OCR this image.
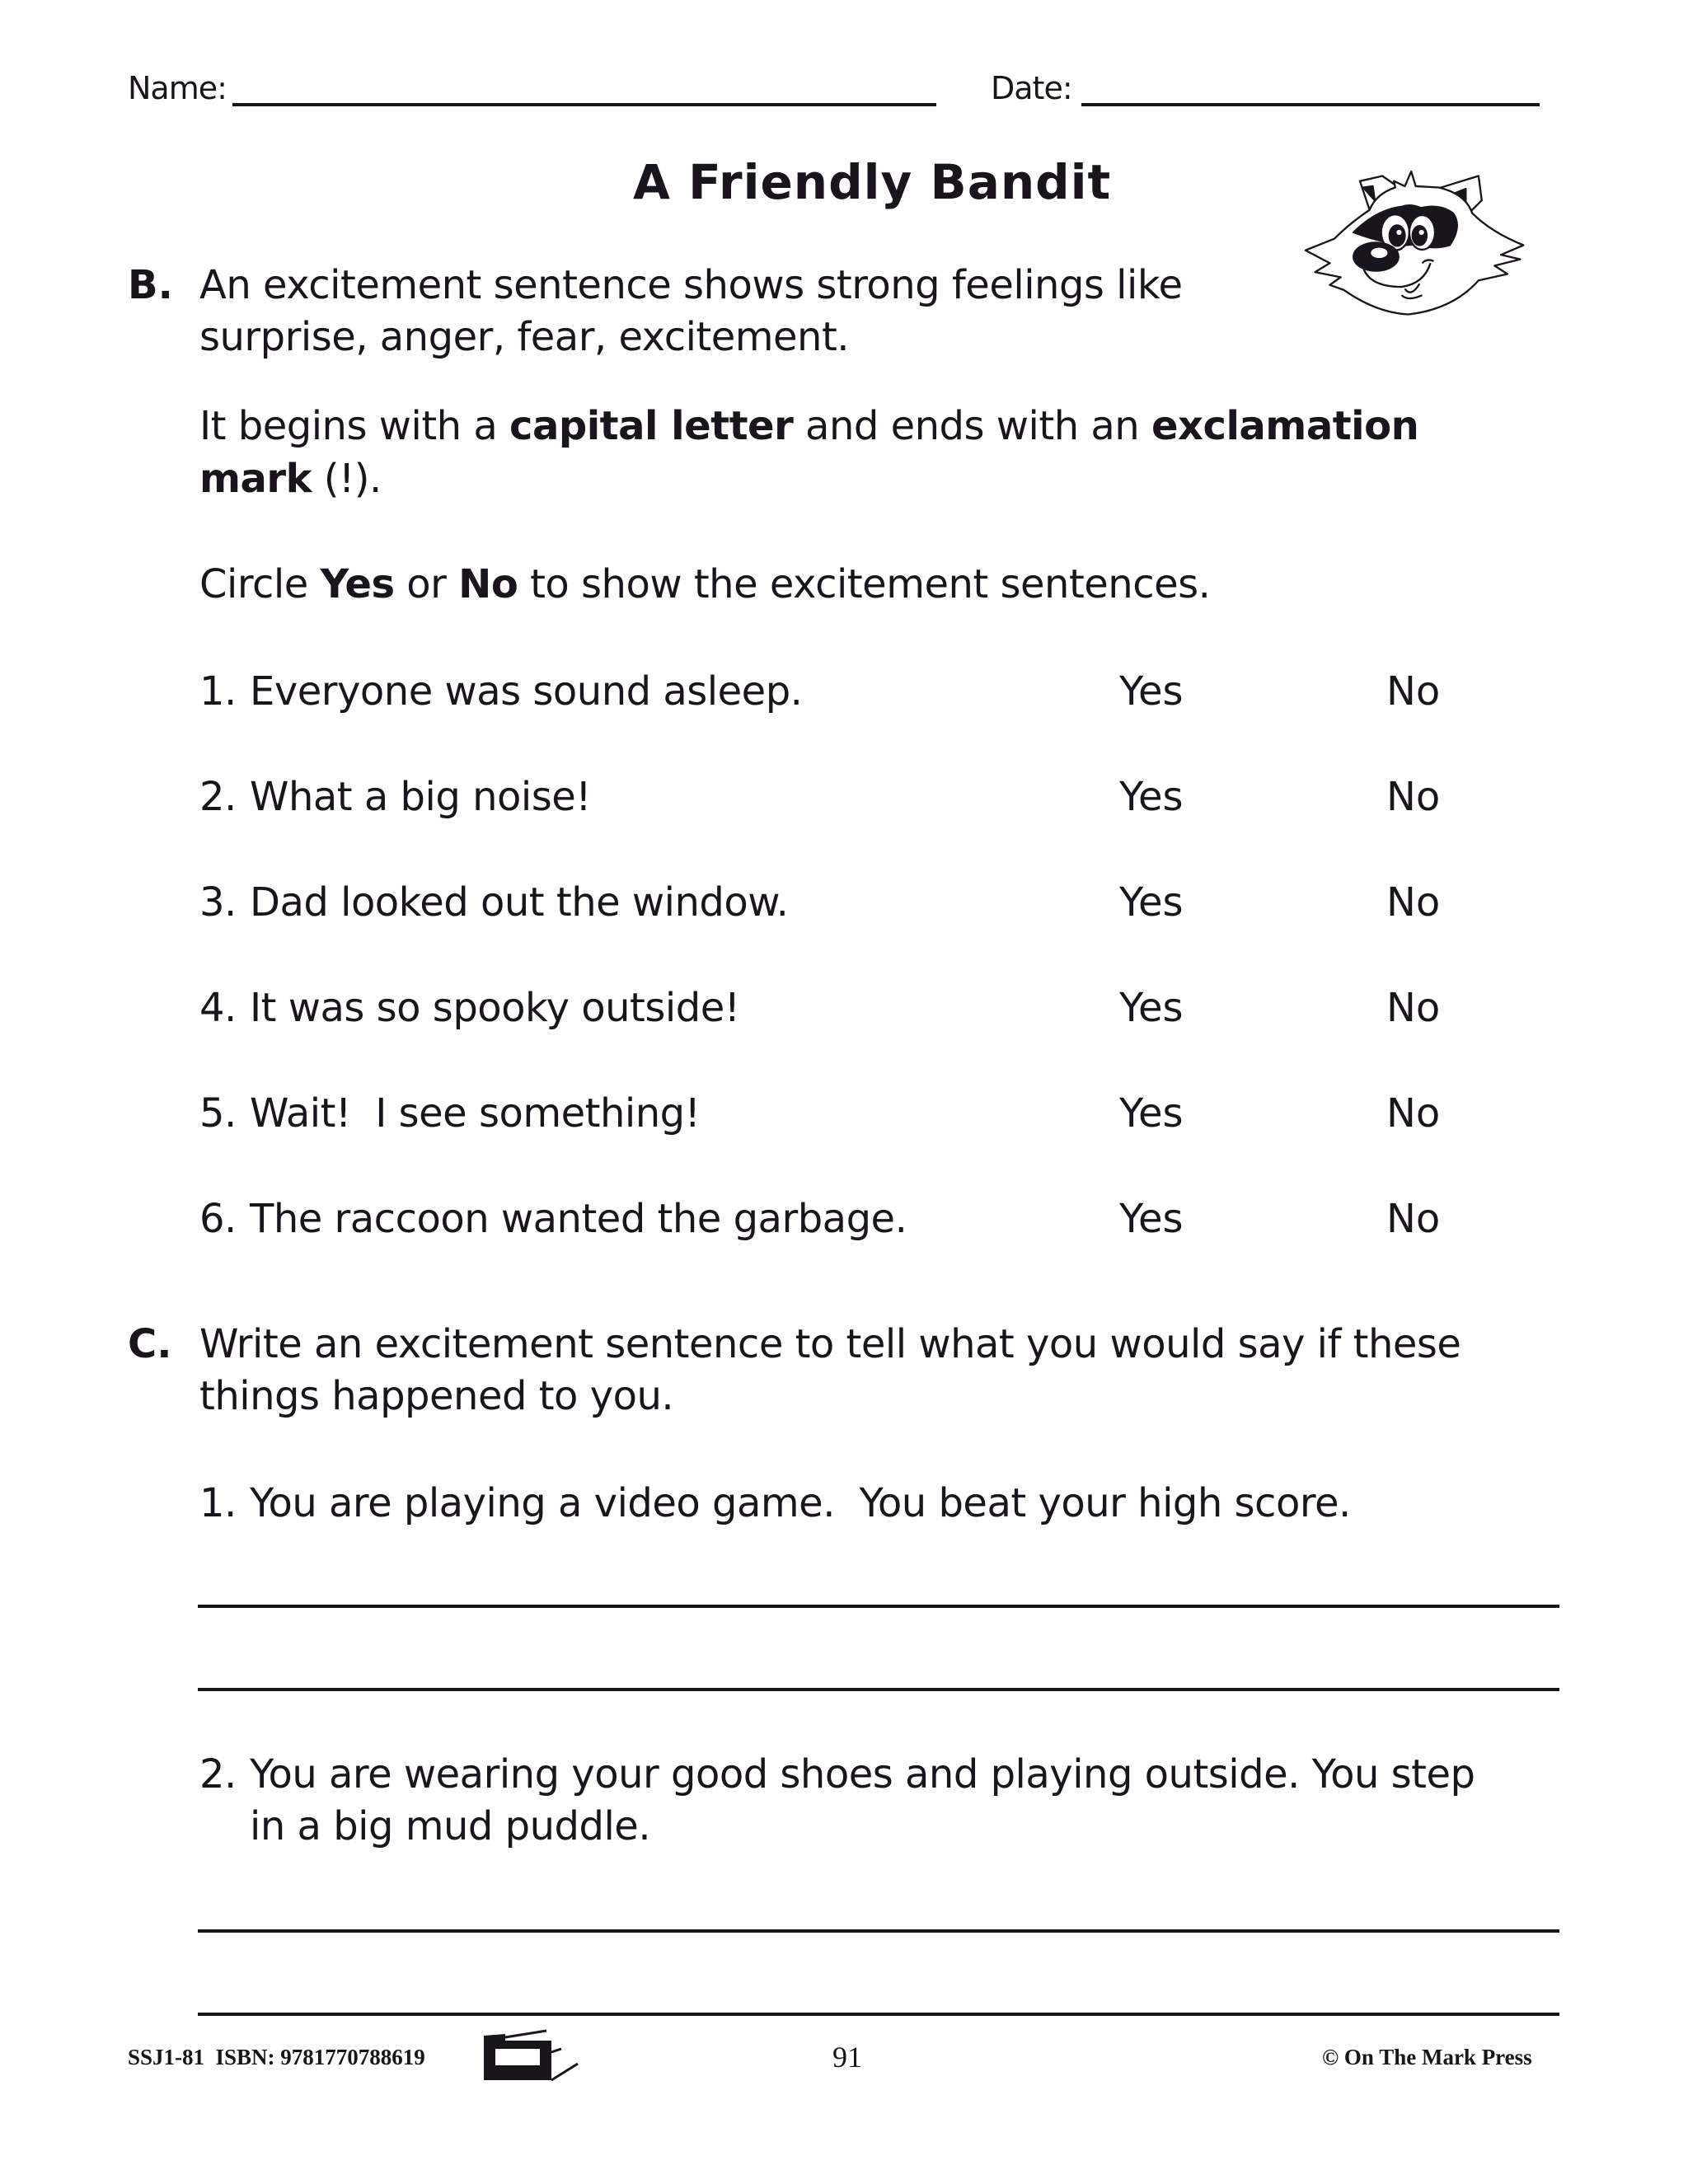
Name:	Date:
A Friendly Bandit
B. An excitement sentence shows strong feelings like
surprise, anger, fear, excitement.
It begins with a capital letter and ends with an exclamation
mark (!).
Circle Yes or No to show the excitement sentences.
1. Everyone was sound asleep.	Yes	No
2. What a big noise!	Yes	No
3. Dad looked out the window.	Yes	No
4. It was so spooky outside!	Yes	No
5. Wait!  I see something!	Yes	No
6. The raccoon wanted the garbage.	Yes	No
C. Write an excitement sentence to tell what you would say if these
things happened to you.
1. You are playing a video game.  You beat your high score.
2. You are wearing your good shoes and playing outside. You step
in a big mud puddle.
SSJ1-81  ISBN: 9781770788619	91	© On The Mark Press
